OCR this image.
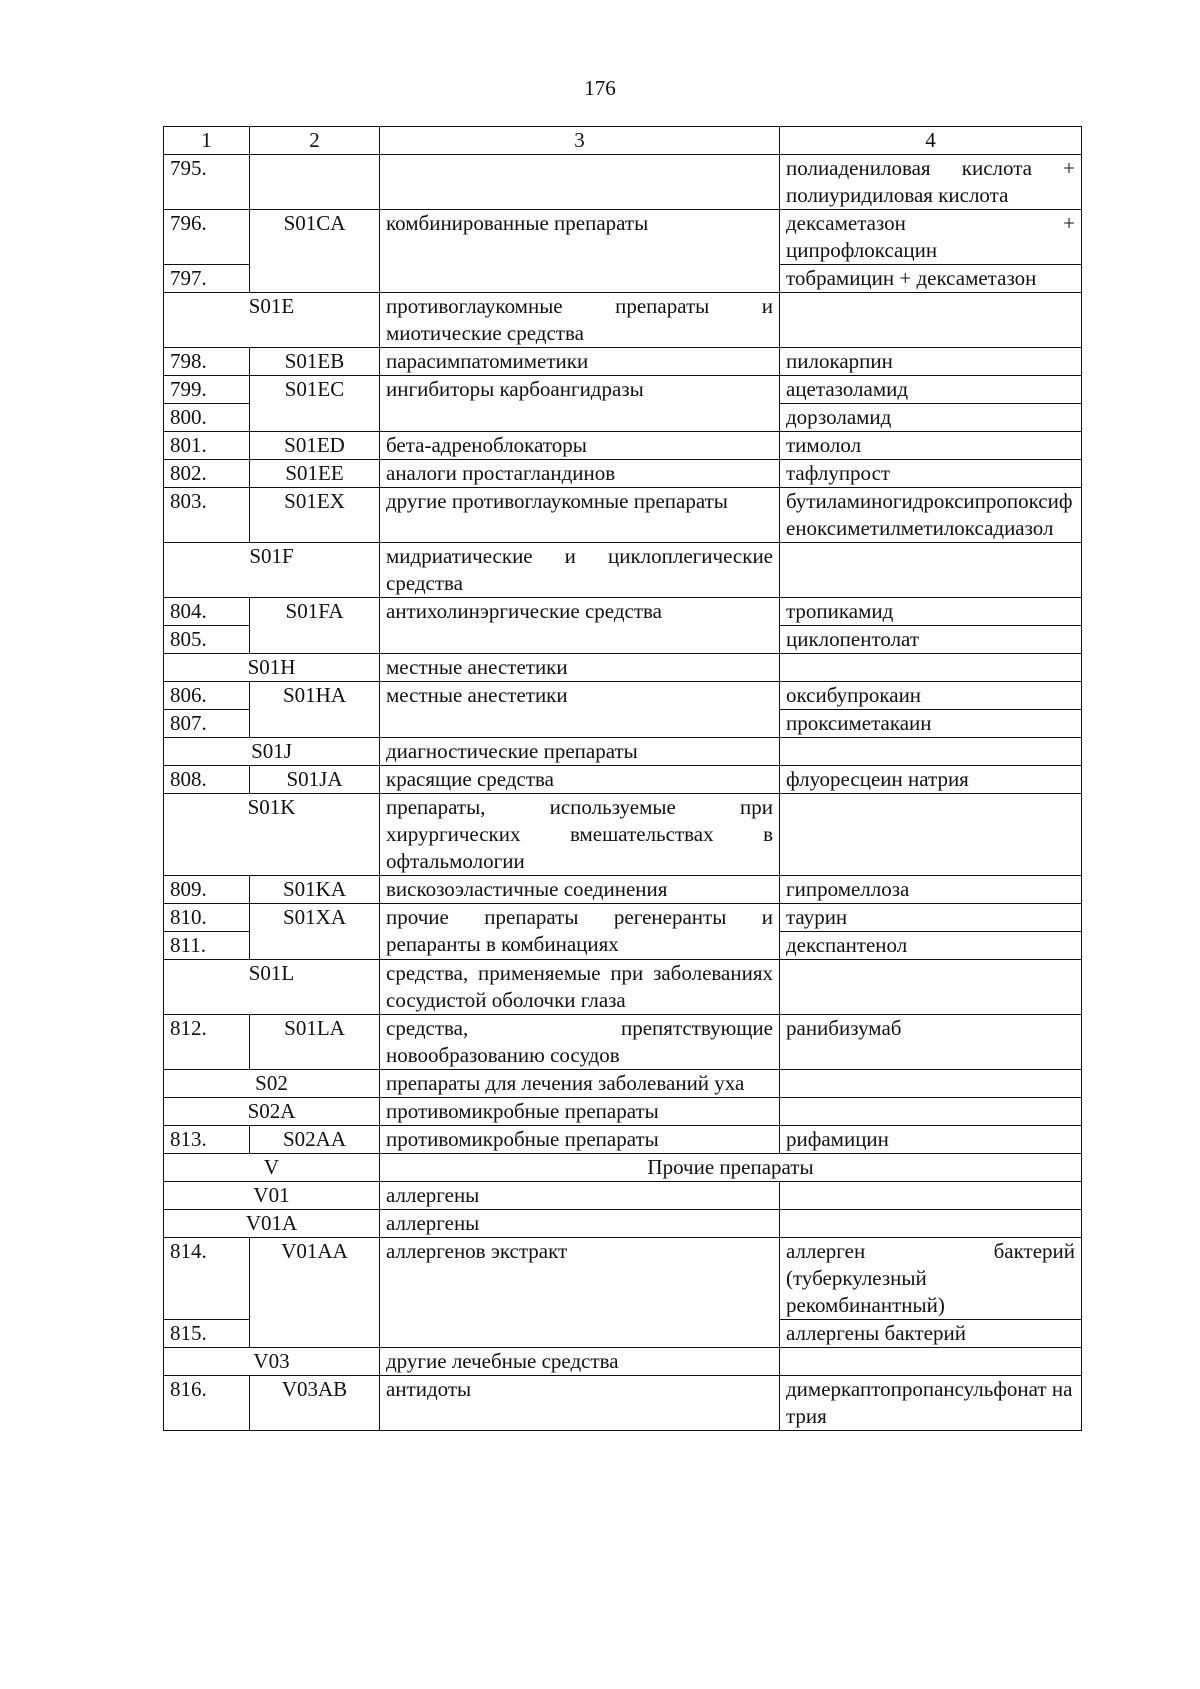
176
1	2	3	4
795.			полиадениловая кислота + полиуридиловая кислота
796.	S01CA	комбинированные препараты	дексаметазон + ципрофлоксацин
797.			тобрамицин + дексаметазон
S01E		противоглаукомные препараты и миотические средства	
798.	S01EB	парасимпатомиметики	пилокарпин
799.	S01EC	ингибиторы карбоангидразы	ацетазоламид
800.			дорзоламид
801.	S01ED	бета-адреноблокаторы	тимолол
802.	S01EE	аналоги простагландинов	тафлупрост
803.	S01EX	другие противоглаукомные препараты	бутиламиногидроксипропоксифеноксиметилметилоксадиазол
S01F		мидриатические и циклоплегические средства	
804.	S01FA	антихолинэргические средства	тропикамид
805.			циклопентолат
S01H		местные анестетики	
806.	S01HA	местные анестетики	оксибупрокаин
807.			проксиметакаин
S01J		диагностические препараты	
808.	S01JA	красящие средства	флуоресцеин натрия
S01K		препараты, используемые при хирургических вмешательствах в офтальмологии	
809.	S01KA	вискозоэластичные соединения	гипромеллоза
810.	S01XA	прочие препараты регенеранты и репаранты в комбинациях	таурин
811.			декспантенол
S01L		средства, применяемые при заболеваниях сосудистой оболочки глаза	
812.	S01LA	средства, препятствующие новообразованию сосудов	ранибизумаб
S02		препараты для лечения заболеваний уха	
S02A		противомикробные препараты	
813.	S02AA	противомикробные препараты	рифамицин
V		Прочие препараты	
V01		аллергены	
V01A		аллергены	
814.	V01AA	аллергенов экстракт	аллерген бактерий (туберкулезный рекомбинантный)
815.			аллергены бактерий
V03		другие лечебные средства	
816.	V03AB	антидоты	димеркаптопропансульфонат натрия
